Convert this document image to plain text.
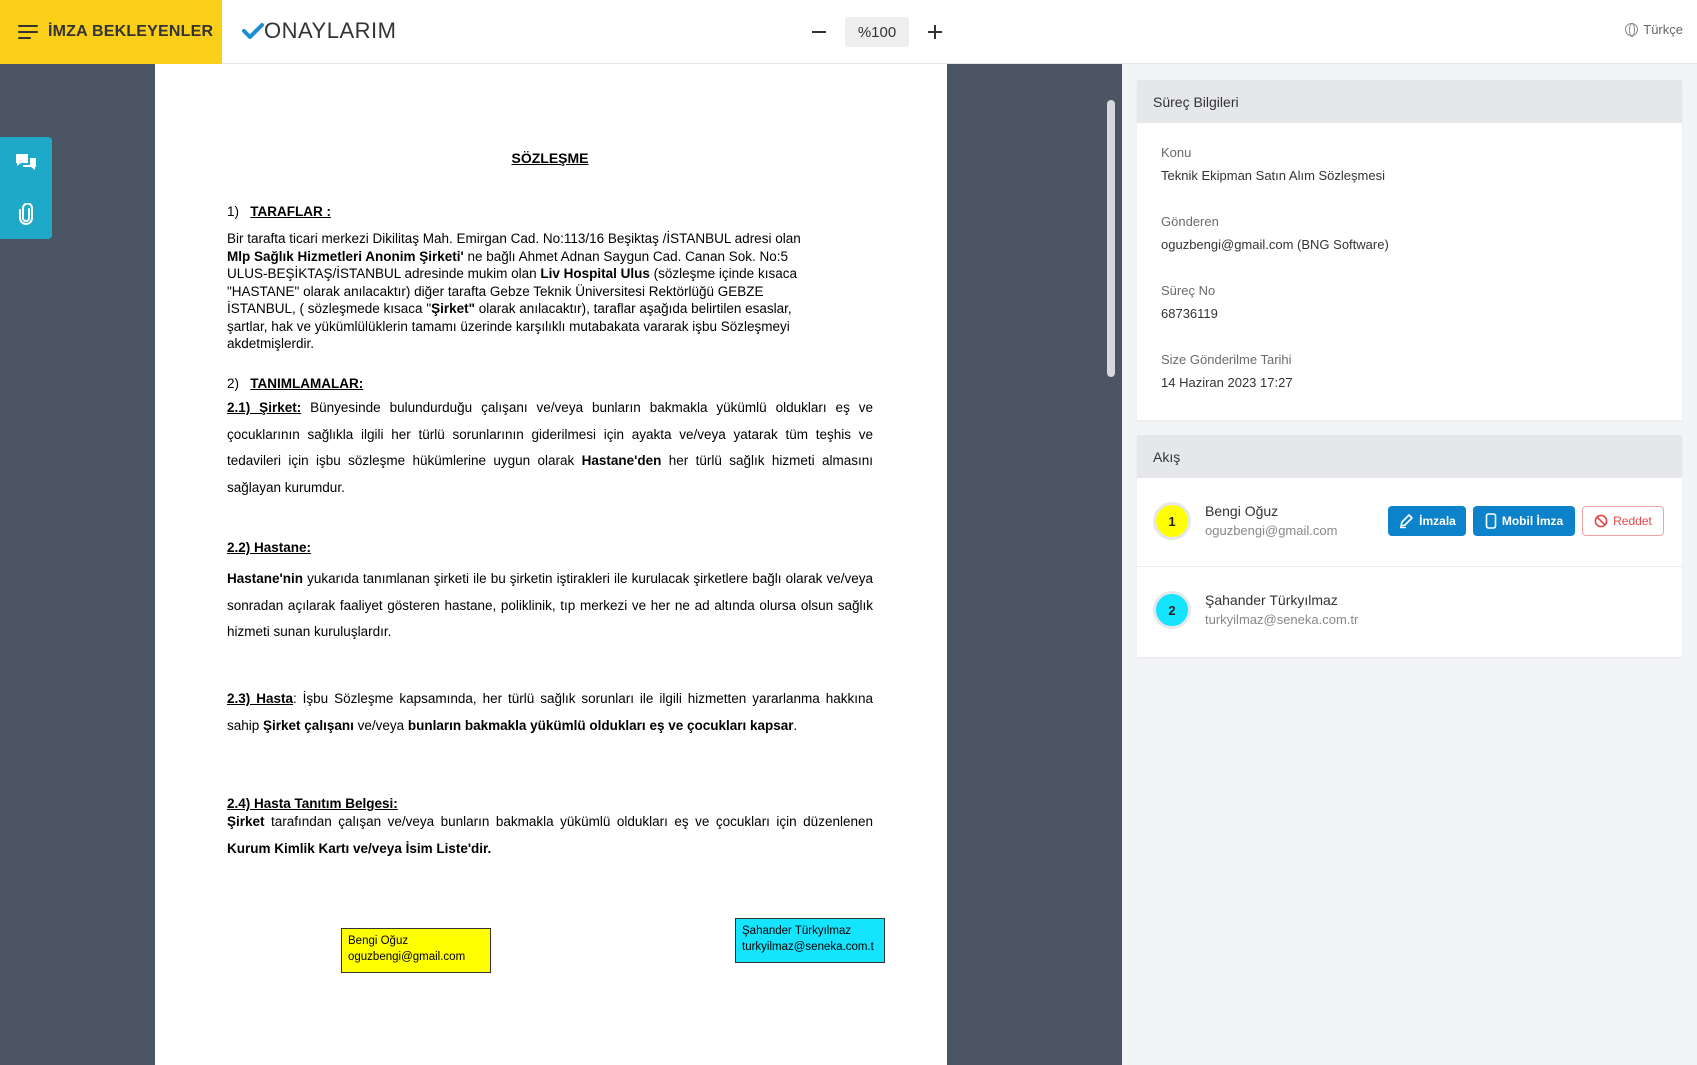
İMZA BEKLEYENLER ONAYLARIM	%100	Türkçe
SÖZLEŞME
1) TARAFLAR :
Bir tarafta ticari merkezi Dikilitaş Mah. Emirgan Cad. No:113/16 Beşiktaş /İSTANBUL adresi olan
Mlp Sağlık Hizmetleri Anonim Şirketi' ne bağlı Ahmet Adnan Saygun Cad. Canan Sok. No:5
ULUS-BEŞİKTAŞ/İSTANBUL adresinde mukim olan Liv Hospital Ulus (sözleşme içinde kısaca
"HASTANE" olarak anılacaktır) diğer tarafta Gebze Teknik Üniversitesi Rektörlüğü GEBZE
İSTANBUL, ( sözleşmede kısaca "Şirket" olarak anılacaktır), taraflar aşağıda belirtilen esaslar,
şartlar, hak ve yükümlülüklerin tamamı üzerinde karşılıklı mutabakata vararak işbu Sözleşmeyi
akdetmişlerdir.
2) TANIMLAMALAR:
2.1) Şirket: Bünyesinde bulundurduğu çalışanı ve/veya bunların bakmakla yükümlü oldukları eş ve çocuklarının sağlıkla ilgili her türlü sorunlarının giderilmesi için ayakta ve/veya yatarak tüm teşhis ve tedavileri için işbu sözleşme hükümlerine uygun olarak Hastane'den her türlü sağlık hizmeti almasını sağlayan kurumdur.
2.2) Hastane:
Hastane'nin yukarıda tanımlanan şirketi ile bu şirketin iştirakleri ile kurulacak şirketlere bağlı olarak ve/veya sonradan açılarak faaliyet gösteren hastane, poliklinik, tıp merkezi ve her ne ad altında olursa olsun sağlık hizmeti sunan kuruluşlardır.
2.3) Hasta: İşbu Sözleşme kapsamında, her türlü sağlık sorunları ile ilgili hizmetten yararlanma hakkına sahip Şirket çalışanı ve/veya bunların bakmakla yükümlü oldukları eş ve çocukları kapsar.
2.4) Hasta Tanıtım Belgesi:
Şirket tarafından çalışan ve/veya bunların bakmakla yükümlü oldukları eş ve çocukları için düzenlenen Kurum Kimlik Kartı ve/veya İsim Liste'dir.
Bengi Oğuz
oguzbengi@gmail.com
Şahander Türkyılmaz
turkyilmaz@seneka.com.t
Süreç Bilgileri
Konu
Teknik Ekipman Satın Alım Sözleşmesi
Gönderen
oguzbengi@gmail.com (BNG Software)
Süreç No
68736119
Size Gönderilme Tarihi
14 Haziran 2023 17:27
Akış
1
Bengi Oğuz
oguzbengi@gmail.com
İmzala	Mobil İmza	Reddet
2
Şahander Türkyılmaz
turkyilmaz@seneka.com.tr
